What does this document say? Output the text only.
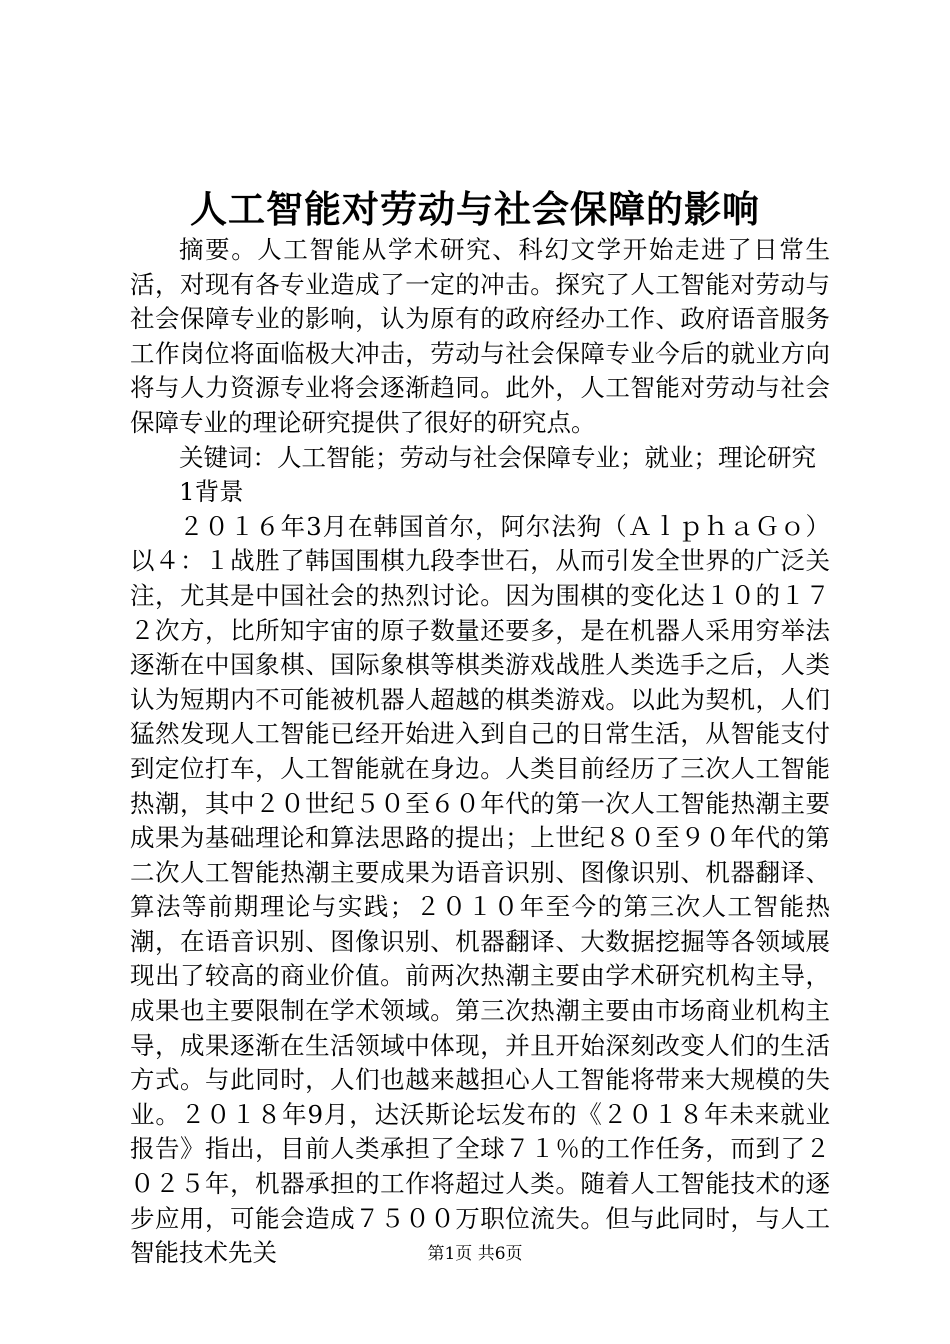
人工智能对劳动与社会保障的影响

摘要。人工智能从学术研究、科幻文学开始走进了日常生活，对现有各专业造成了一定的冲击。探究了人工智能对劳动与社会保障专业的影响，认为原有的政府经办工作、政府语音服务工作岗位将面临极大冲击，劳动与社会保障专业今后的就业方向将与人力资源专业将会逐渐趋同。此外，人工智能对劳动与社会保障专业的理论研究提供了很好的研究点。

关键词：人工智能；劳动与社会保障专业；就业；理论研究

1背景

２０１６年3月在韩国首尔，阿尔法狗（ＡｌｐｈａＧｏ）以４：１战胜了韩国围棋九段李世石，从而引发全世界的广泛关注，尤其是中国社会的热烈讨论。因为围棋的变化达１０的１７２次方，比所知宇宙的原子数量还要多，是在机器人采用穷举法逐渐在中国象棋、国际象棋等棋类游戏战胜人类选手之后，人类认为短期内不可能被机器人超越的棋类游戏。以此为契机，人们猛然发现人工智能已经开始进入到自己的日常生活，从智能支付到定位打车，人工智能就在身边。人类目前经历了三次人工智能热潮，其中２０世纪５０至６０年代的第一次人工智能热潮主要成果为基础理论和算法思路的提出；上世纪８０至９０年代的第二次人工智能热潮主要成果为语音识别、图像识别、机器翻译、算法等前期理论与实践；２０１０年至今的第三次人工智能热潮，在语音识别、图像识别、机器翻译、大数据挖掘等各领域展现出了较高的商业价值。前两次热潮主要由学术研究机构主导，成果也主要限制在学术领域。第三次热潮主要由市场商业机构主导，成果逐渐在生活领域中体现，并且开始深刻改变人们的生活方式。与此同时，人们也越来越担心人工智能将带来大规模的失业。２０１８年9月，达沃斯论坛发布的《２０１８年未来就业报告》指出，目前人类承担了全球７１％的工作任务，而到了２０２５年，机器承担的工作将超过人类。随着人工智能技术的逐步应用，可能会造成７５００万职位流失。但与此同时，与人工智能技术先关	第1页 共6页
